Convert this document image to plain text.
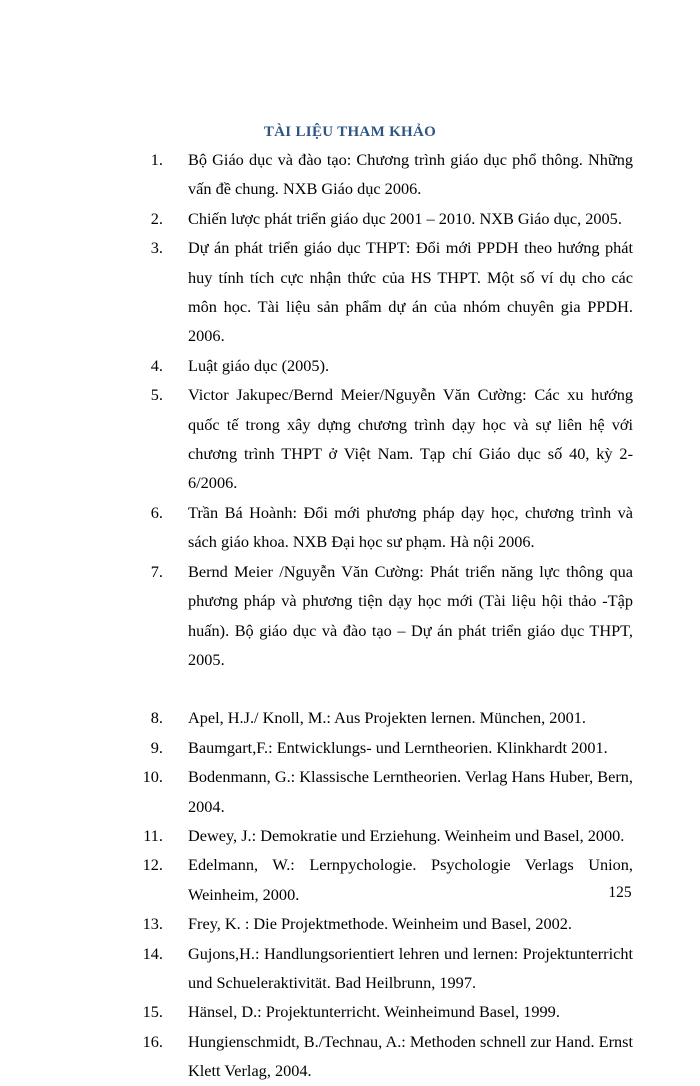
TÀI LIỆU THAM KHẢO
1. Bộ Giáo dục và đào tạo: Chương trình giáo dục phổ thông. Những vấn đề chung. NXB Giáo dục 2006.
2. Chiến lược phát triển giáo dục 2001 – 2010. NXB Giáo dục, 2005.
3. Dự án phát triển giáo dục THPT: Đổi mới PPDH theo hướng phát huy tính tích cực nhận thức của HS THPT. Một số ví dụ cho các môn học. Tài liệu sản phẩm dự án của nhóm chuyên gia PPDH. 2006.
4. Luật giáo dục (2005).
5. Victor Jakupec/Bernd Meier/Nguyễn Văn Cường: Các xu hướng quốc tế trong xây dựng chương trình dạy học và sự liên hệ với chương trình THPT ở Việt Nam. Tạp chí Giáo dục số 40, kỳ 2-6/2006.
6. Trần Bá Hoành: Đổi mới phương pháp dạy học, chương trình và sách giáo khoa. NXB Đại học sư phạm. Hà nội 2006.
7. Bernd Meier /Nguyễn Văn Cường: Phát triển năng lực thông qua phương pháp và phương tiện dạy học mới (Tài liệu hội thảo -Tập huấn). Bộ giáo dục và đào tạo – Dự án phát triển giáo dục THPT, 2005.
8. Apel, H.J./ Knoll, M.: Aus Projekten lernen. München, 2001.
9. Baumgart,F.: Entwicklungs- und Lerntheorien. Klinkhardt 2001.
10. Bodenmann, G.: Klassische Lerntheorien. Verlag Hans Huber, Bern, 2004.
11. Dewey, J.: Demokratie und Erziehung. Weinheim und Basel, 2000.
12. Edelmann, W.: Lernpychologie. Psychologie Verlags Union, Weinheim, 2000.
13. Frey, K. : Die Projektmethode. Weinheim und Basel, 2002.
14. Gujons,H.: Handlungsorientiert lehren und lernen: Projektunterricht und Schueleraktivität. Bad Heilbrunn, 1997.
15. Hänsel, D.: Projektunterricht. Weinheimund Basel, 1999.
16. Hungienschmidt, B./Technau, A.: Methoden schnell zur Hand. Ernst Klett Verlag, 2004.
125
